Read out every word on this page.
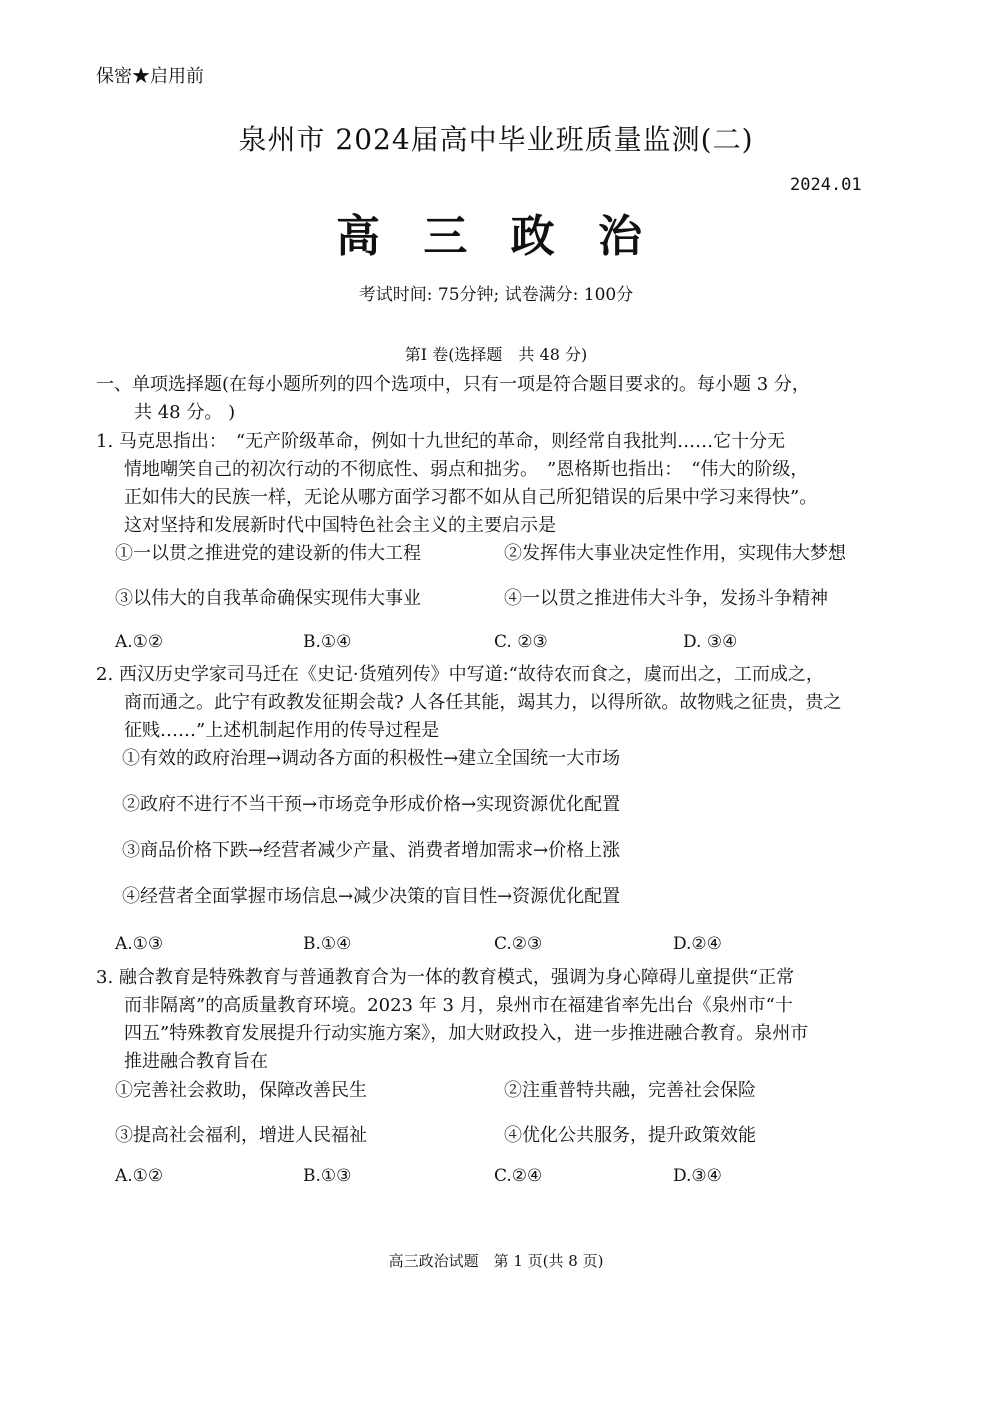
保密★启用前
泉州市 2024届高中毕业班质量监测(二)
2024.01
高 三 政 治
考试时间: 75分钟; 试卷满分: 100分
第Ⅰ 卷(选择题　共 48 分)
一、单项选择题(在每小题所列的四个选项中，只有一项是符合题目要求的。每小题 3 分，
共 48 分。 )
1. 马克思指出：　“无产阶级革命，例如十九世纪的革命，则经常自我批判……它十分无
情地嘲笑自己的初次行动的不彻底性、弱点和拙劣。　”恩格斯也指出：　“伟大的阶级，
正如伟大的民族一样，无论从哪方面学习都不如从自己所犯错误的后果中学习来得快”。
这对坚持和发展新时代中国特色社会主义的主要启示是
①一以贯之推进党的建设新的伟大工程	②发挥伟大事业决定性作用，实现伟大梦想
③以伟大的自我革命确保实现伟大事业	④一以贯之推进伟大斗争，发扬斗争精神
A.①②	B.①④	C. ②③	D. ③④
2. 西汉历史学家司马迁在《史记·货殖列传》中写道:“故待农而食之，虞而出之，工而成之，
商而通之。此宁有政教发征期会哉? 人各任其能，竭其力，以得所欲。故物贱之征贵，贵之
征贱……”上述机制起作用的传导过程是
①有效的政府治理→调动各方面的积极性→建立全国统一大市场
②政府不进行不当干预→市场竞争形成价格→实现资源优化配置
③商品价格下跌→经营者减少产量、消费者增加需求→价格上涨
④经营者全面掌握市场信息→减少决策的盲目性→资源优化配置
A.①③	B.①④	C.②③	D.②④
3. 融合教育是特殊教育与普通教育合为一体的教育模式，强调为身心障碍儿童提供“正常
而非隔离”的高质量教育环境。2023 年 3 月，泉州市在福建省率先出台《泉州市“十
四五”特殊教育发展提升行动实施方案》，加大财政投入，进一步推进融合教育。泉州市
推进融合教育旨在
①完善社会救助，保障改善民生	②注重普特共融，完善社会保险
③提高社会福利，增进人民福祉	④优化公共服务，提升政策效能
A.①②	B.①③	C.②④	D.③④
高三政治试题　第 1 页(共 8 页)
